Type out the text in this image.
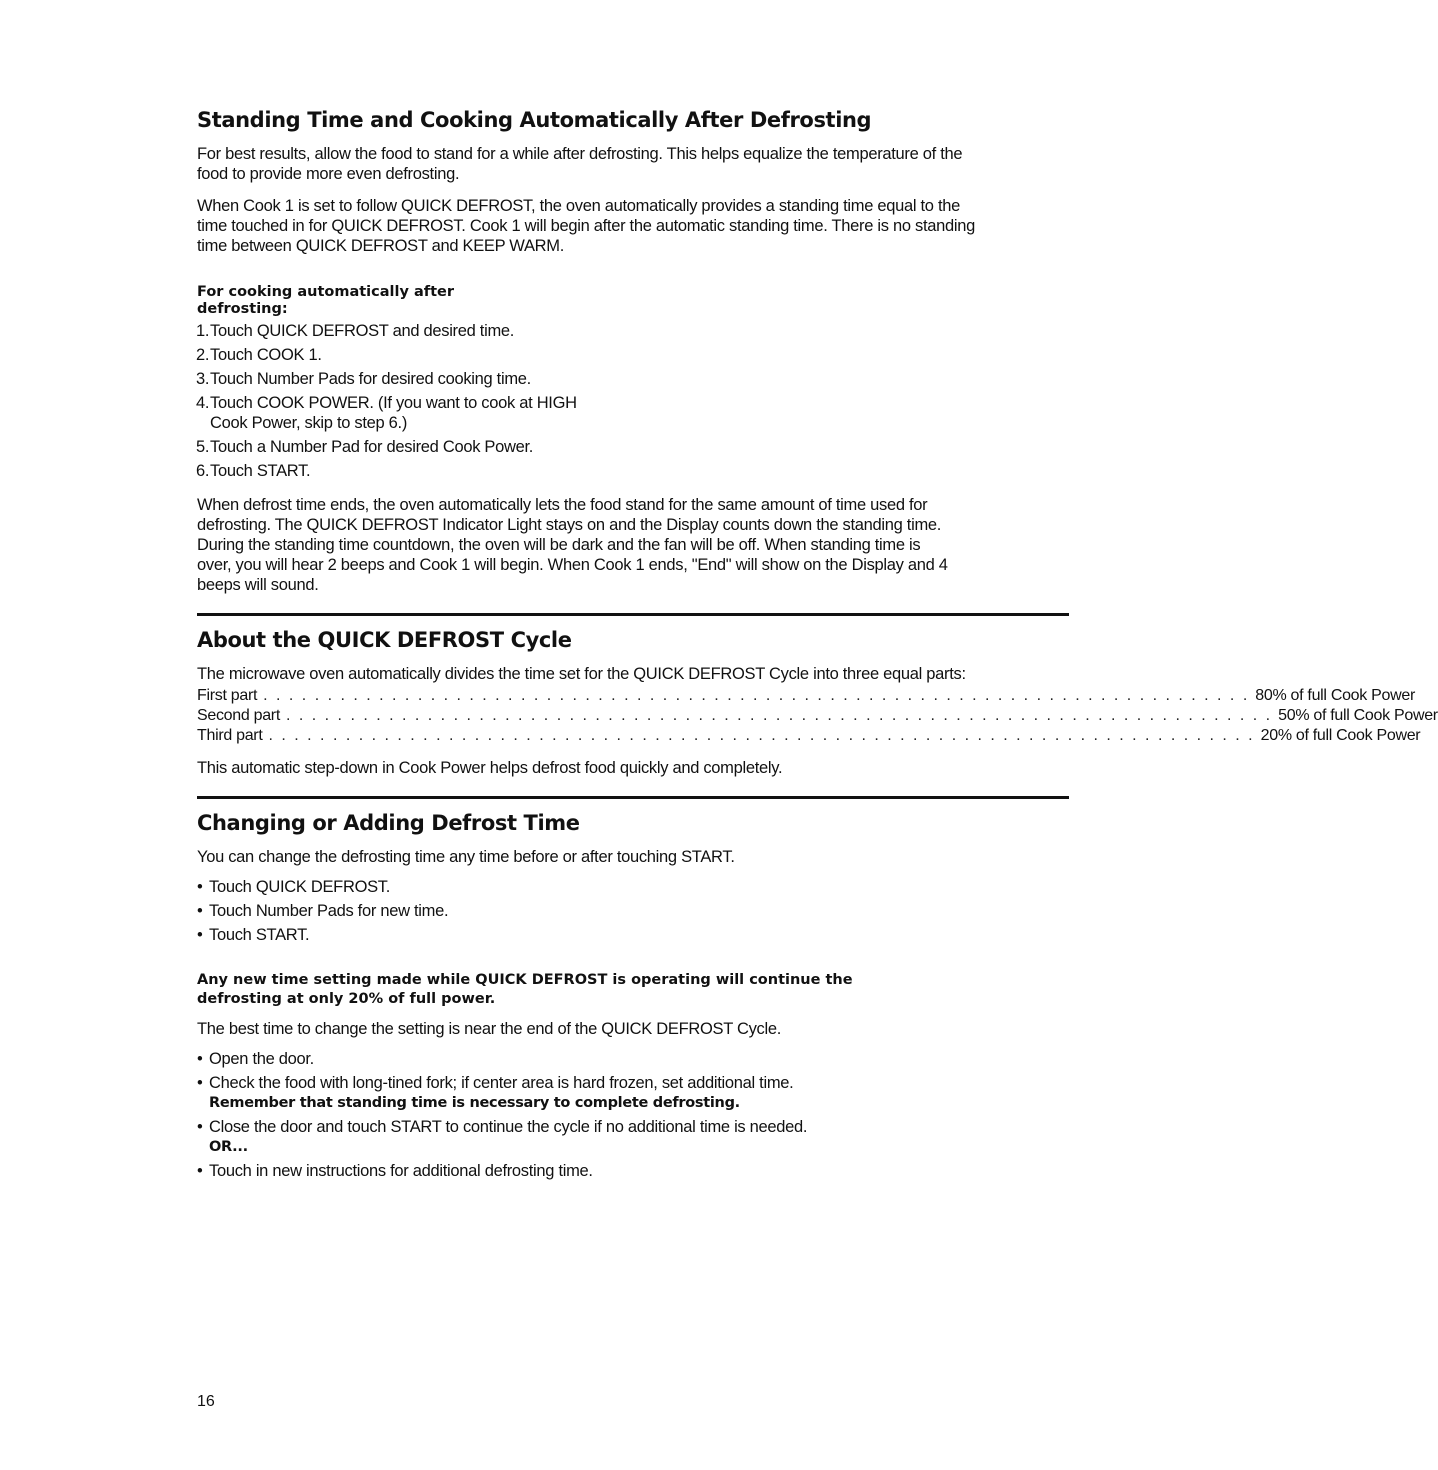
Standing Time and Cooking Automatically After Defrosting

For best results, allow the food to stand for a while after defrosting. This helps equalize the temperature of the food to provide more even defrosting.

When Cook 1 is set to follow QUICK DEFROST, the oven automatically provides a standing time equal to the time touched in for QUICK DEFROST. Cook 1 will begin after the automatic standing time. There is no standing time between QUICK DEFROST and KEEP WARM.

For cooking automatically after defrosting:
1. Touch QUICK DEFROST and desired time.
2. Touch COOK 1.
3. Touch Number Pads for desired cooking time.
4. Touch COOK POWER. (If you want to cook at HIGH Cook Power, skip to step 6.)
5. Touch a Number Pad for desired Cook Power.
6. Touch START.

When defrost time ends, the oven automatically lets the food stand for the same amount of time used for defrosting. The QUICK DEFROST Indicator Light stays on and the Display counts down the standing time. During the standing time countdown, the oven will be dark and the fan will be off. When standing time is over, you will hear 2 beeps and Cook 1 will begin. When Cook 1 ends, "End" will show on the Display and 4 beeps will sound.

About the QUICK DEFROST Cycle

The microwave oven automatically divides the time set for the QUICK DEFROST Cycle into three equal parts:

First part . . . . . . . . . . . . . . . . . . . . . . . . . . . . . . . . . . . . . . . . . . . . . . . . . . . . . . . . . . . . . . . . . . . . . . . . . . . . . 80% of full Cook Power
Second part . . . . . . . . . . . . . . . . . . . . . . . . . . . . . . . . . . . . . . . . . . . . . . . . . . . . . . . . . . . . . . . . . . . . . . . . . . . . . 50% of full Cook Power
Third part . . . . . . . . . . . . . . . . . . . . . . . . . . . . . . . . . . . . . . . . . . . . . . . . . . . . . . . . . . . . . . . . . . . . . . . . . . . . . 20% of full Cook Power

This automatic step-down in Cook Power helps defrost food quickly and completely.

Changing or Adding Defrost Time

You can change the defrosting time any time before or after touching START.

• Touch QUICK DEFROST.
• Touch Number Pads for new time.
• Touch START.
Any new time setting made while QUICK DEFROST is operating will continue the defrosting at only 20% of full power.

The best time to change the setting is near the end of the QUICK DEFROST Cycle.

• Open the door.
• Check the food with long-tined fork; if center area is hard frozen, set additional time.
Remember that standing time is necessary to complete defrosting.
• Close the door and touch START to continue the cycle if no additional time is needed.
OR...
• Touch in new instructions for additional defrosting time.
16
